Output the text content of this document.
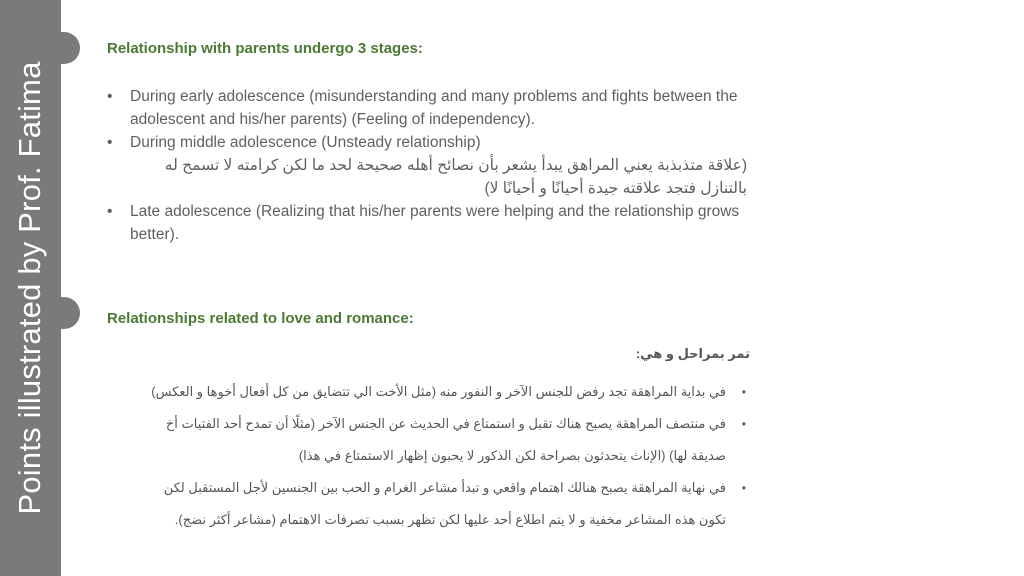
Points illustrated by Prof. Fatima
Relationship with parents undergo 3 stages:
• During early adolescence (misunderstanding and many problems and fights between the adolescent and his/her parents) (Feeling of independency).
• During middle adolescence (Unsteady relationship)
(علاقة متذبذبة يعني المراهق يبدأ يشعر بأن نصائح أهله صحيحة لحد ما لكن كرامته لا تسمح له بالتنازل فتجد علاقته جيدة أحيانًا و أحيانًا لا)
• Late adolescence (Realizing that his/her parents were helping and the relationship grows better).
Relationships related to love and romance:
تمر بمراحل و هي:
• في بداية المراهقة تجد رفض للجنس الآخر و النفور منه (مثل الأخت الي تتضايق من كل أفعال أخوها و العكس)
• في منتصف المراهقة يصبح هناك تقبل و استمتاع في الحديث عن الجنس الآخر (مثلًا أن تمدح أحد الفتيات أخ
صديقة لها) (الإناث يتحدثون بصراحة لكن الذكور لا يحبون إظهار الاستمتاع في هذا)
• في نهاية المراهقة يصبح هنالك اهتمام واقعي و تبدأ مشاعر الغرام و الحب بين الجنسين لأجل المستقبل لكن
تكون هذه المشاعر مخفية و لا يتم اطلاع أحد عليها لكن تظهر بسبب تصرفات الاهتمام (مشاعر أكثر نضج).
